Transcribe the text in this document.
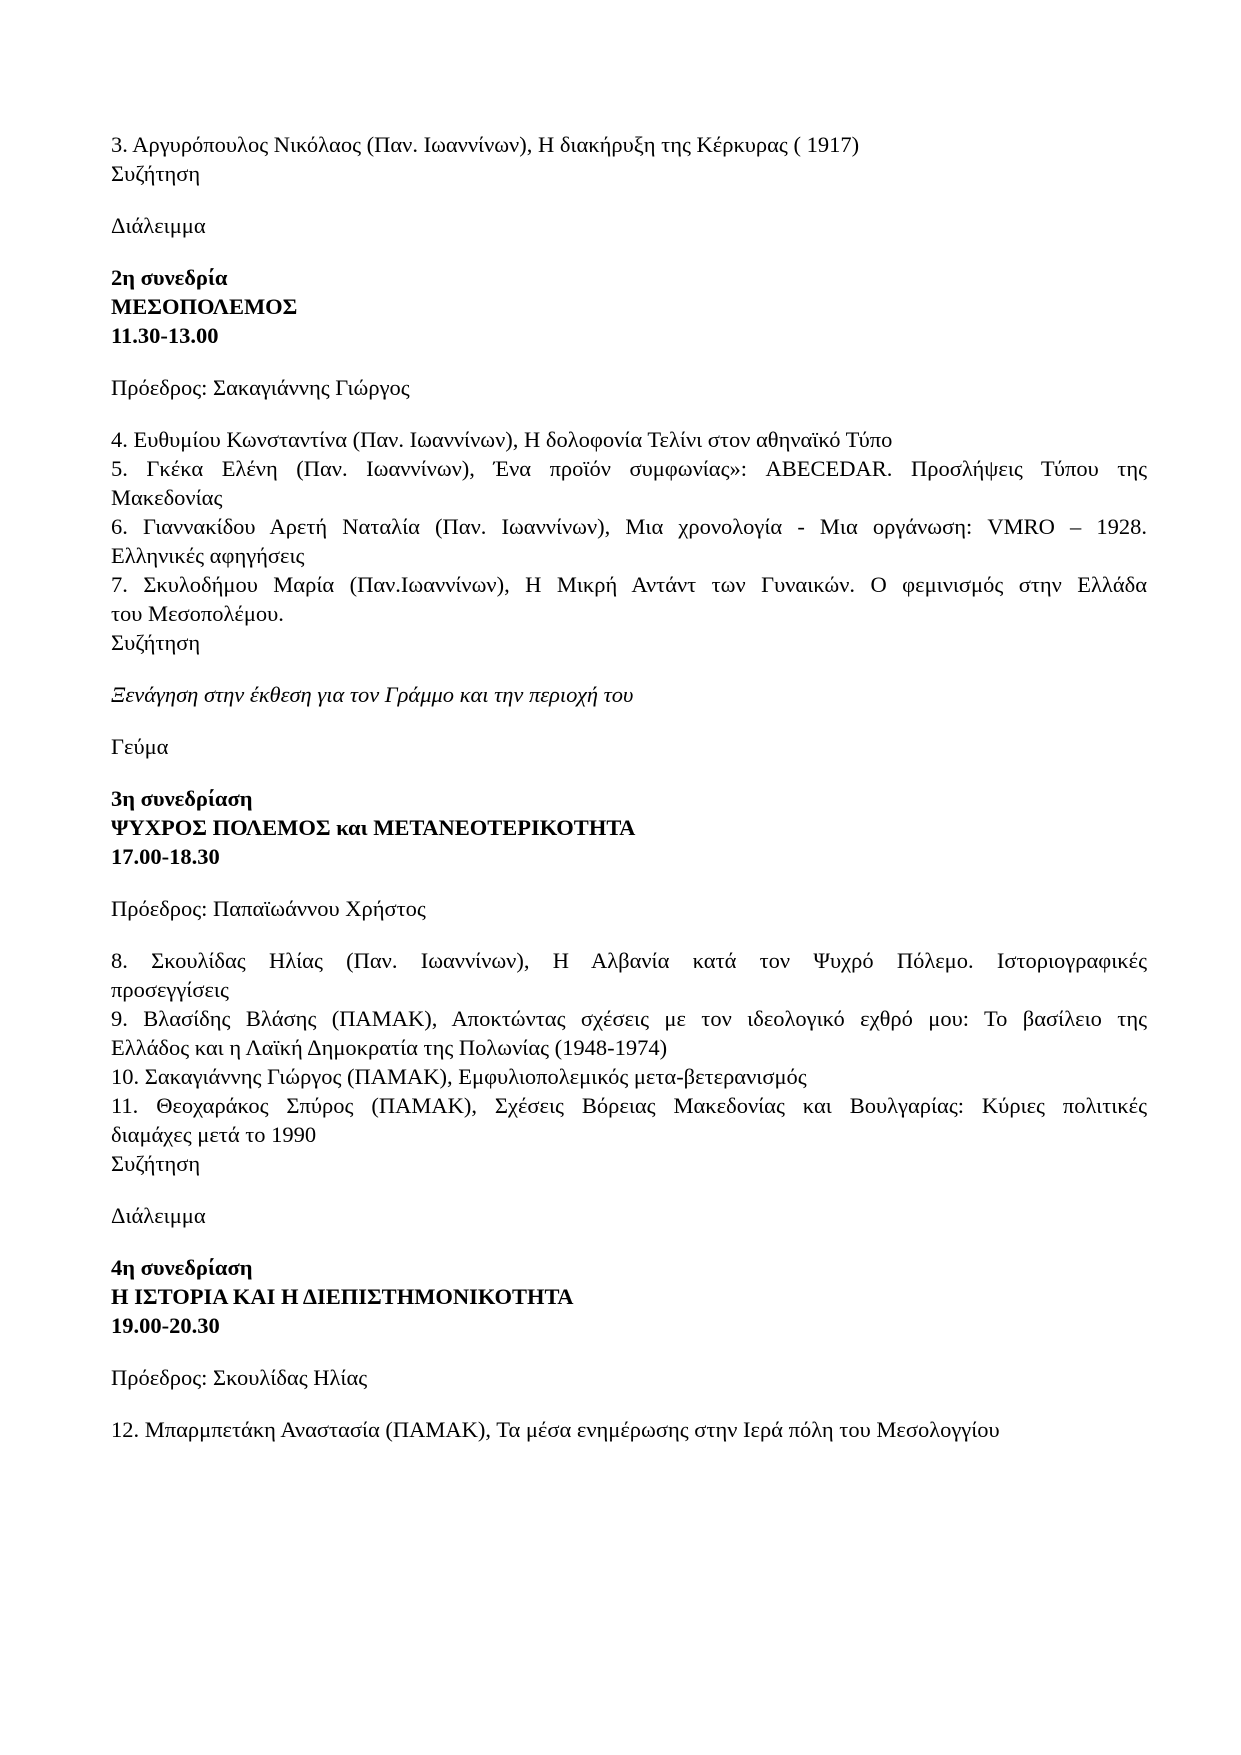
3. Αργυρόπουλος Νικόλαος (Παν. Ιωαννίνων), Η διακήρυξη της Κέρκυρας ( 1917)
Συζήτηση
Διάλειμμα
2η συνεδρία
ΜΕΣΟΠΟΛΕΜΟΣ
11.30-13.00
Πρόεδρος: Σακαγιάννης Γιώργος
4. Ευθυμίου Κωνσταντίνα (Παν. Ιωαννίνων), Η δολοφονία Τελίνι στον αθηναϊκό Τύπο
5. Γκέκα Ελένη (Παν. Ιωαννίνων), Ένα προϊόν συμφωνίας»: ABECEDAR. Προσλήψεις Τύπου της
Μακεδονίας
6. Γιαννακίδου Αρετή Ναταλία (Παν. Ιωαννίνων), Μια χρονολογία - Μια οργάνωση: VMRO – 1928.
Ελληνικές αφηγήσεις
7. Σκυλοδήμου Μαρία (Παν.Ιωαννίνων), Η Μικρή Αντάντ των Γυναικών. Ο φεμινισμός στην Ελλάδα
του Μεσοπολέμου.
Συζήτηση
Ξενάγηση στην έκθεση για τον Γράμμο και την περιοχή του
Γεύμα
3η συνεδρίαση
ΨΥΧΡΟΣ ΠΟΛΕΜΟΣ και ΜΕΤΑΝΕΟΤΕΡΙΚΟΤΗΤΑ
17.00-18.30
Πρόεδρος: Παπαϊωάννου Χρήστος
8. Σκουλίδας Ηλίας (Παν. Ιωαννίνων), Η Αλβανία κατά τον Ψυχρό Πόλεμο. Ιστοριογραφικές
προσεγγίσεις
9. Βλασίδης Βλάσης (ΠΑΜΑΚ), Αποκτώντας σχέσεις με τον ιδεολογικό εχθρό μου: Το βασίλειο της
Ελλάδος και η Λαϊκή Δημοκρατία της Πολωνίας (1948-1974)
10. Σακαγιάννης Γιώργος (ΠΑΜΑΚ), Εμφυλιοπολεμικός μετα-βετερανισμός
11. Θεοχαράκος Σπύρος (ΠΑΜΑΚ), Σχέσεις Βόρειας Μακεδονίας και Βουλγαρίας: Κύριες πολιτικές
διαμάχες μετά το 1990
Συζήτηση
Διάλειμμα
4η συνεδρίαση
Η ΙΣΤΟΡΙΑ ΚΑΙ Η ΔΙΕΠΙΣΤΗΜΟΝΙΚΟΤΗΤΑ
19.00-20.30
Πρόεδρος: Σκουλίδας Ηλίας
12. Μπαρμπετάκη Αναστασία (ΠΑΜΑΚ), Τα μέσα ενημέρωσης στην Ιερά πόλη του Μεσολογγίου
